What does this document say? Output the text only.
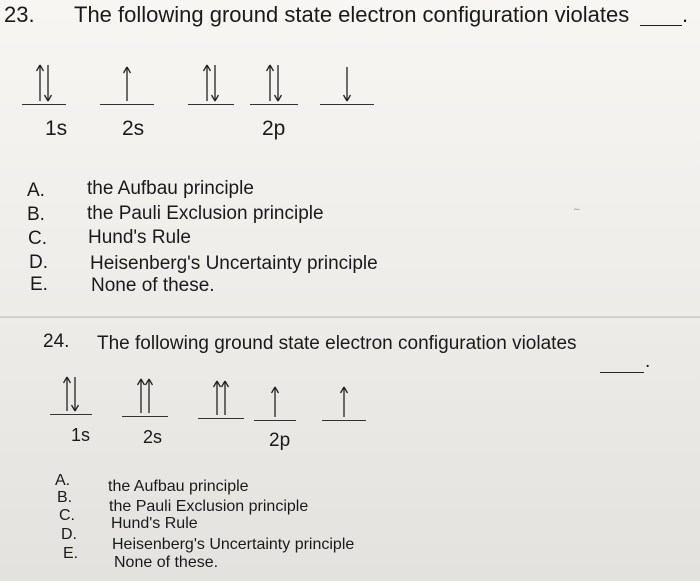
23. The following ground state electron configuration violates .
1s	2s	2p
A. the Aufbau principle
B. the Pauli Exclusion principle
C. Hund's Rule
D. Heisenberg's Uncertainty principle
E. None of these.
∼
24. The following ground state electron configuration violates
.
1s	2s	2p
A. the Aufbau principle
B.
the Pauli Exclusion principle
C. Hund's Rule
D.
Heisenberg's Uncertainty principle
E.
None of these.
